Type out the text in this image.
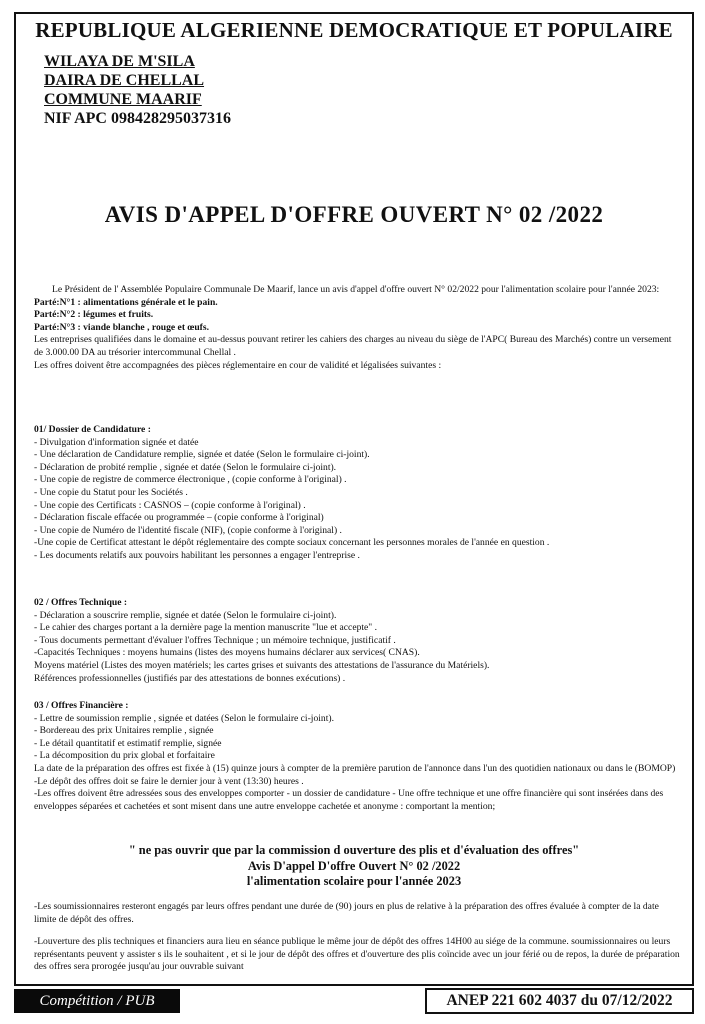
REPUBLIQUE ALGERIENNE DEMOCRATIQUE ET POPULAIRE
WILAYA DE M'SILA
DAIRA DE CHELLAL
COMMUNE MAARIF
NIF APC 098428295037316
AVIS D'APPEL D'OFFRE OUVERT N° 02 /2022

Le Président de l' Assemblée Populaire Communale De Maarif, lance un avis d'appel d'offre ouvert N° 02/2022 pour l'alimentation scolaire pour l'année 2023:

Parté:N°1 : alimentations générale et le pain.

Parté:N°2 : légumes et fruits.

Parté:N°3 : viande blanche , rouge et œufs.

Les entreprises qualifiées dans le domaine et au-dessus pouvant retirer les cahiers des charges au niveau du siège de l'APC( Bureau des Marchés) contre un versement de 3.000.00 DA au trésorier intercommunal Chellal .

Les offres doivent être accompagnées des pièces réglementaire en cour de validité et légalisées suivantes :

01/ Dossier de Candidature :

- Divulgation d'information signée et datée

- Une déclaration de Candidature remplie, signée et datée (Selon le formulaire ci-joint).

- Déclaration de probité remplie , signée et datée (Selon le formulaire ci-joint).

- Une copie de registre de commerce électronique , (copie conforme à l'original) .

- Une copie du Statut pour les Sociétés .

- Une copie des Certificats : CASNOS – (copie conforme à l'original) .

- Déclaration fiscale effacée ou programmée – (copie conforme à l'original)

- Une copie de Numéro de l'identité fiscale (NIF), (copie conforme à l'original) .

-Une copie de Certificat attestant le dépôt réglementaire des compte sociaux concernant les personnes morales de l'année en question .

- Les documents relatifs aux pouvoirs habilitant les personnes a engager l'entreprise .

02 / Offres Technique :

- Déclaration a souscrire remplie, signée et datée (Selon le formulaire ci-joint).

- Le cahier des charges portant a la dernière page la mention manuscrite "lue et accepte" .

- Tous documents permettant d'évaluer l'offres Technique ; un mémoire technique, justificatif .

-Capacités Techniques : moyens humains (listes des moyens humains déclarer aux services( CNAS).

Moyens matériel (Listes des moyen matériels; les cartes grises et suivants des attestations de l'assurance du Matériels).

Références professionnelles (justifiés par des attestations de bonnes exécutions) .

03 / Offres Financière :

- Lettre de soumission remplie , signée et datées (Selon le formulaire ci-joint).

- Bordereau des prix Unitaires remplie , signée

- Le détail quantitatif et estimatif remplie, signée

- La décomposition du prix global et forfaitaire

La date de la préparation des offres est fixée à (15) quinze jours à compter de la première parution de l'annonce dans l'un des quotidien nationaux ou dans le (BOMOP)

-Le dépôt des offres doit se faire le dernier jour à vent (13:30) heures .

-Les offres doivent être adressées sous des enveloppes comporter - un dossier de candidature - Une offre technique et une offre financière qui sont insérées dans des enveloppes séparées et cachetées et sont misent dans une autre enveloppe cachetée et anonyme : comportant la mention;

" ne pas ouvrir que par la commission d ouverture des plis et d'évaluation des offres"
Avis D'appel D'offre Ouvert N° 02 /2022
l'alimentation scolaire pour l'année 2023

-Les soumissionnaires resteront engagés par leurs offres pendant une durée de (90) jours en plus de relative à la préparation des offres évaluée à compter de la date limite de dépôt des offres.

-Louverture des plis techniques et financiers aura lieu en séance publique le même jour de dépôt des offres 14H00 au siége de la commune. soumissionnaires ou leurs représentants peuvent y assister s ils le souhaitent , et si le jour de dépôt des offres et d'ouverture des plis coïncide avec un jour férié ou de repos, la durée de préparation des offres sera prorogée jusqu'au jour ouvrable suivant

Compétition / PUB	ANEP 221 602 4037 du 07/12/2022
